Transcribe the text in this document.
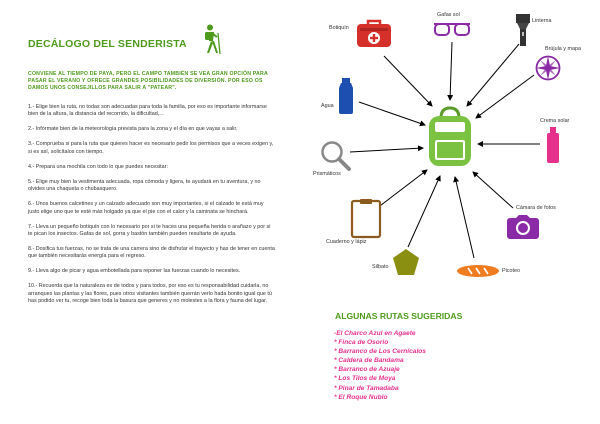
DECÁLOGO DEL SENDERISTA
CONVIENE AL TIEMPO DE PAYA, PERO EL CAMPO TAMBIÉN SE VEA GRAN OPCIÓN PARA PASAR EL VERANO Y OFRECE GRANDES POSIBILIDADES DE DIVERSIÓN. POR ESO OS DAMOS UNOS CONSEJILLOS PARA SALIR A "PATEAR".
1.- Elige bien la ruta, no todas son adecuadas para toda la familia, por eso es importante informarse bien de la altura, la distancia del recorrido, la dificultad,...
2.- Infórmate bien de la meteorología prevista para la zona y el día en que vayas a salir.
3.- Comprueba si para la ruta que quieres hacer es necesario pedir los permisos que a veces exigen y, si es así, solicítalos con tiempo.
4.- Prepara una mochila con todo lo que puedes necesitar:
5.- Elige muy bien la vestimenta adecuada, ropa cómoda y ligera, te ayudará en tu aventura, y no olvides una chaqueta o chubasquero.
6.- Unos buenos calcetines y un calzado adecuado son muy importantes, si el calzado te está muy justo elige uno que te esté más holgado ya que el pie con el calor y la caminata se hinchará.
7.- Lleva un pequeño botiquín con lo necesario por si te haces una pequeña herida o arañazo y por si te pican los insectos. Gafas de sol, gorra y bastón también pueden resultarte de ayuda.
8.- Dosifica tus fuerzas, no se trata de una carrera sino de disfrutar el trayecto y has de tener en cuenta que también necesitarás energía para el regreso.
9.- Lleva algo de picar y agua embotellada para reponer las fuerzas cuando lo necesites.
10.- Recuerda que la naturaleza es de todos y para todos, por eso es tu responsabilidad cuidarla, no arranques las plantas y las flores, pues otros visitantes también querrán verlo hada bonito igual que tú has podido ver tu, recoge bien toda la basura que generes y no molestes a la flora y fauna del lugar.
Botiquín
Gafas sol
Linterna
Brújula y mapa
Agua
Crema solar
Prismáticos
Cámara de fotos
Cuaderno y lápiz
Silbato
Picoteo
ALGUNAS RUTAS SUGERIDAS
-El Charco Azul en Agaete
* Finca de Osorio
* Barranco de Los Cernícalos
* Caldera de Bandama
* Barranco de Azuaje
* Los Tilos de Moya
* Pinar de Tamadaba
* El Roque Nublo
